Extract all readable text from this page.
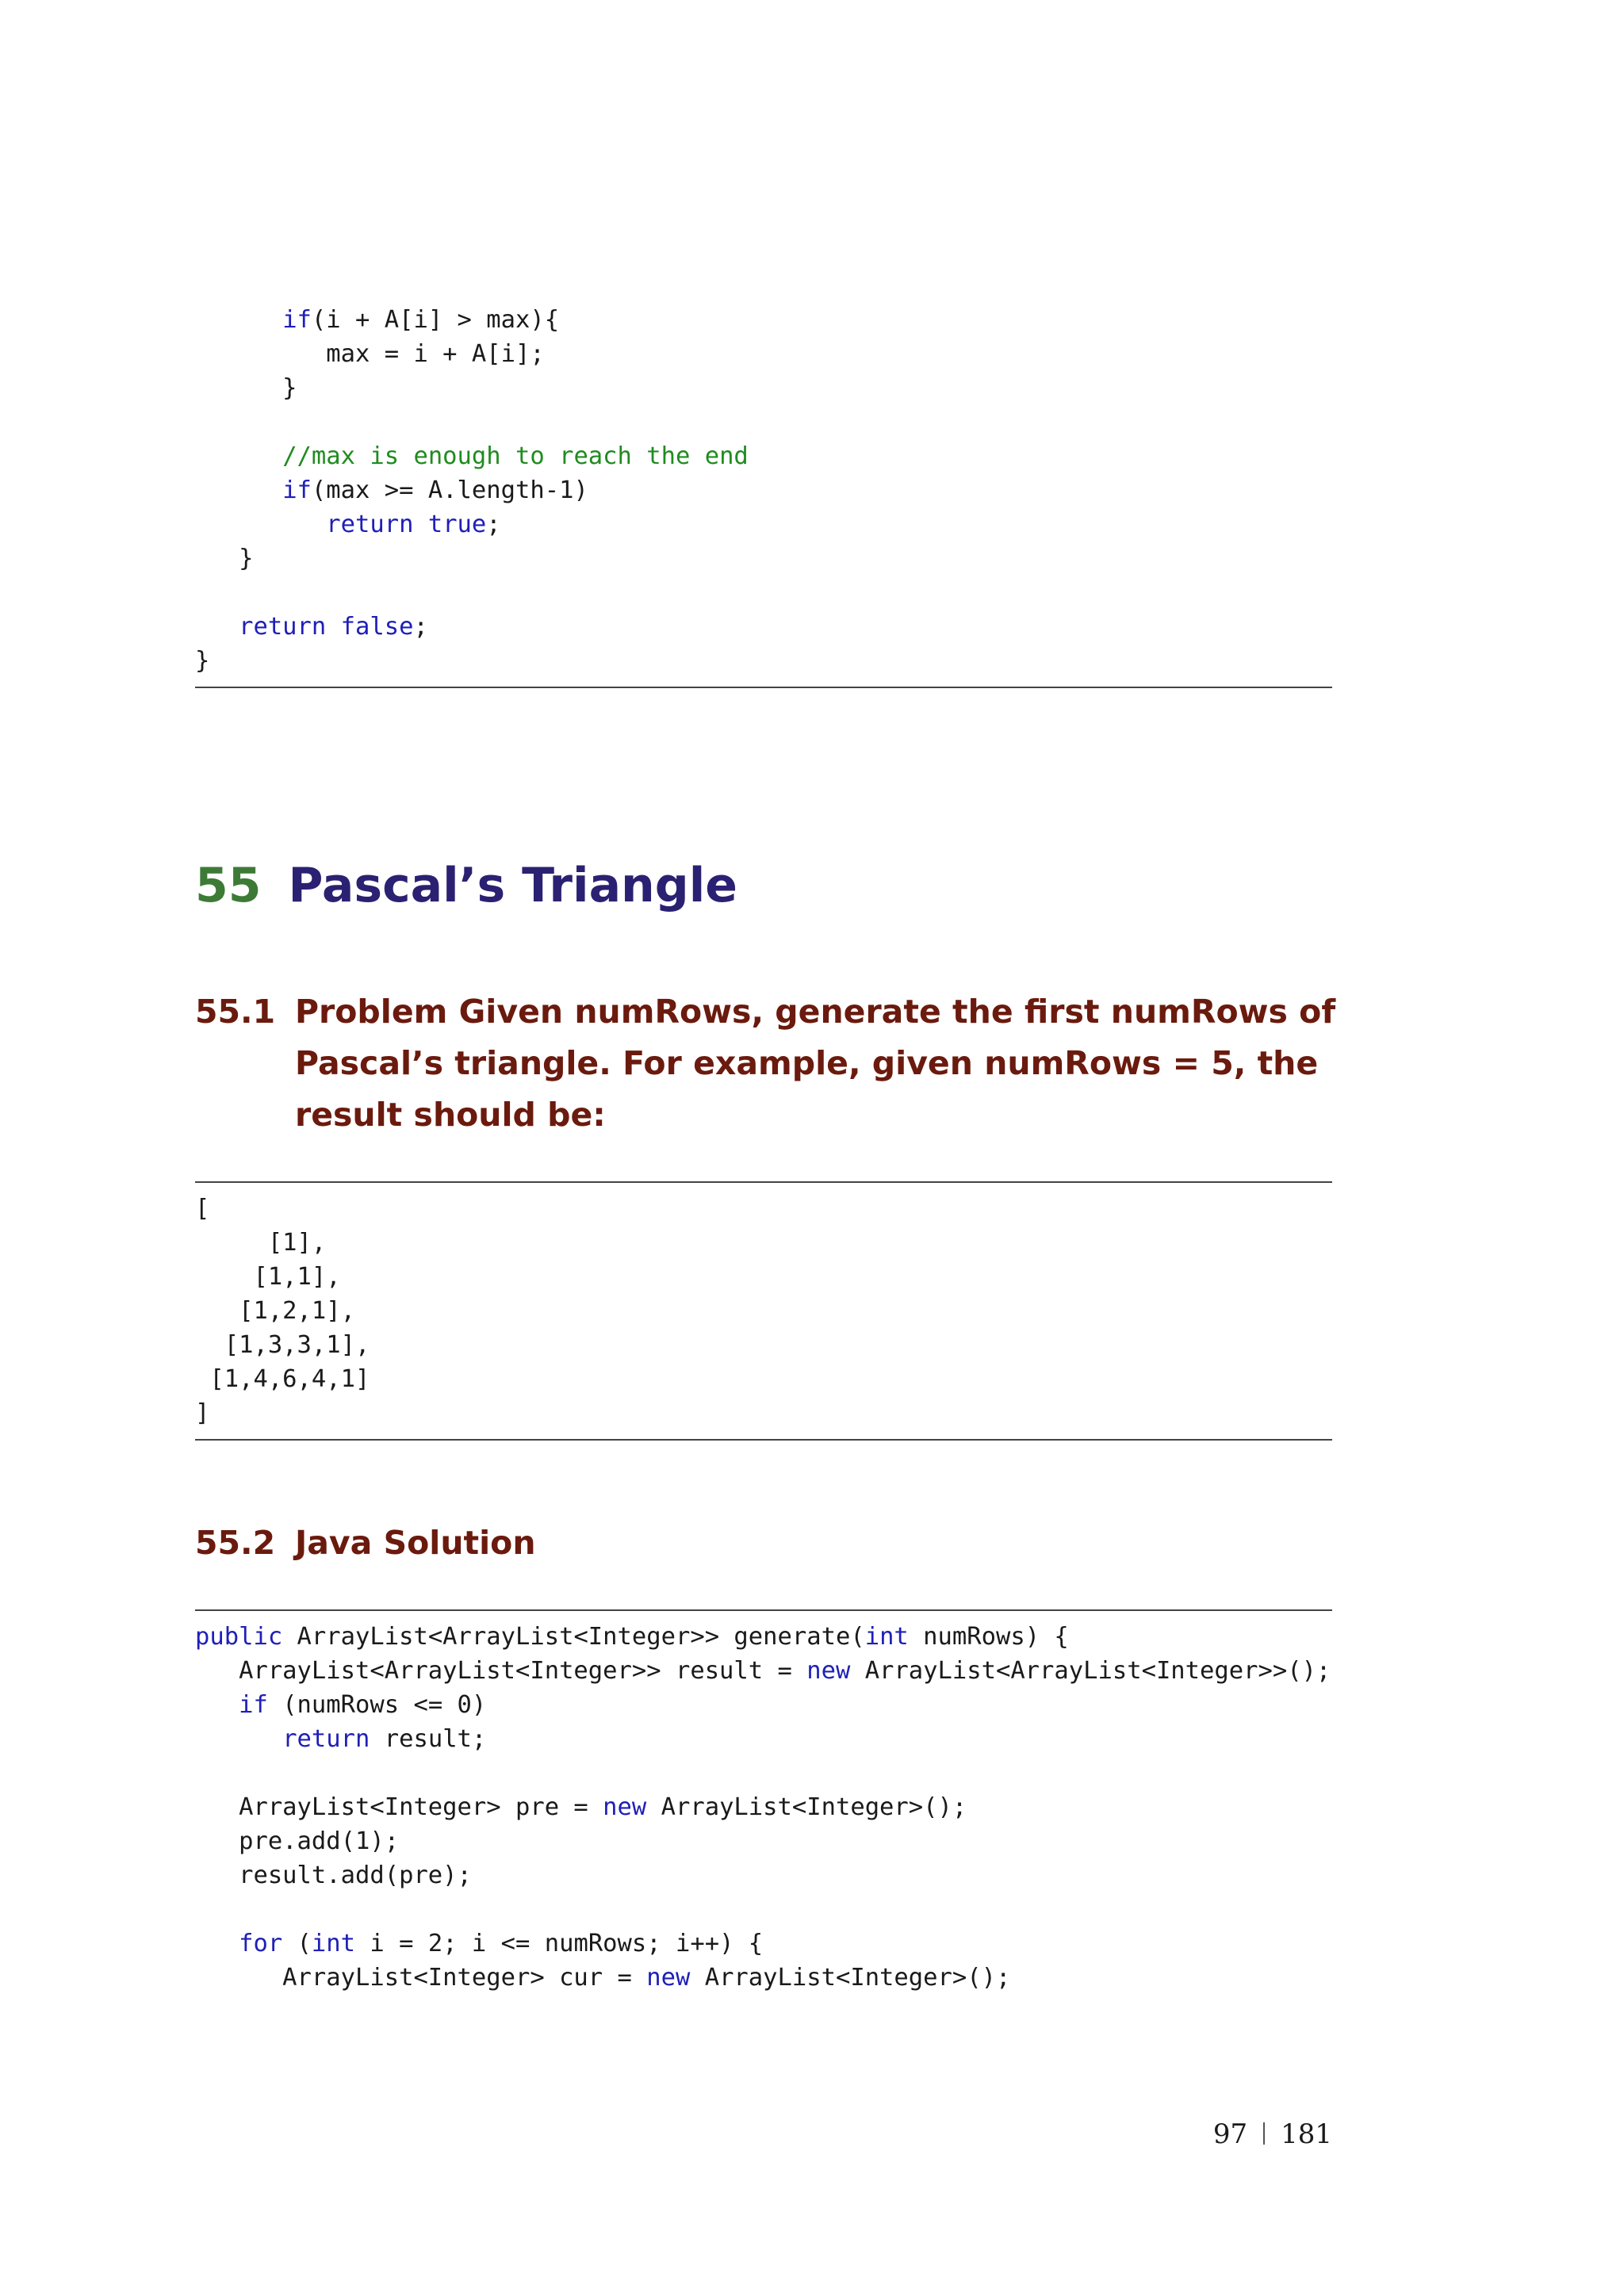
if(i + A[i] > max){
max = i + A[i];
}

//max is enough to reach the end
if(max >= A.length-1)
return true;
}

return false;
}
55 Pascal’s Triangle
55.1 Problem Given numRows, generate the first numRows of Pascal’s triangle. For example, given numRows = 5, the result should be:
[
[1],
[1,1],
[1,2,1],
[1,3,3,1],
[1,4,6,4,1]
]
55.2 Java Solution
public ArrayList<ArrayList<Integer>> generate(int numRows) {
ArrayList<ArrayList<Integer>> result = new ArrayList<ArrayList<Integer>>();
if (numRows <= 0)
return result;

ArrayList<Integer> pre = new ArrayList<Integer>();
pre.add(1);
result.add(pre);

for (int i = 2; i <= numRows; i++) {
ArrayList<Integer> cur = new ArrayList<Integer>();
97 181
